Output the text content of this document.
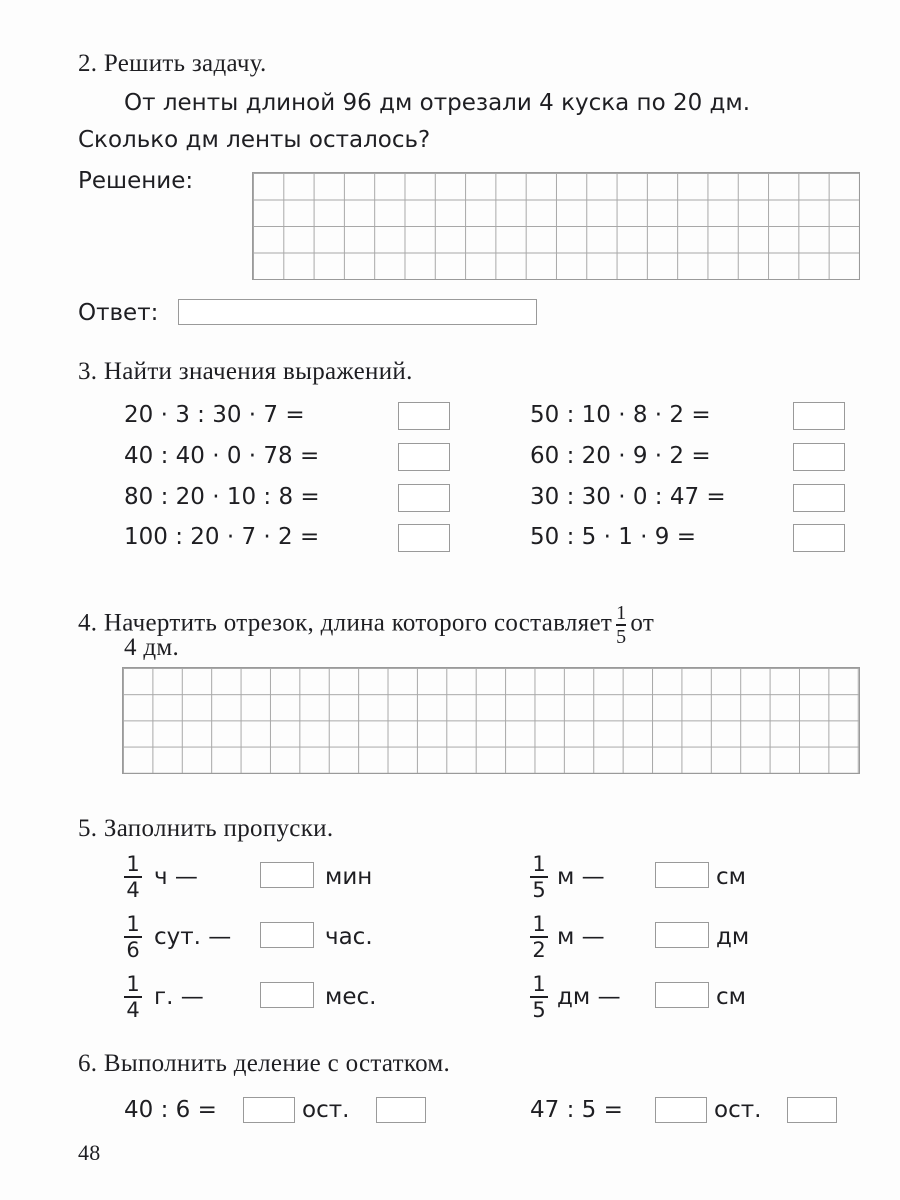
2. Решить задачу.
От ленты длиной 96 дм отрезали 4 куска по 20 дм.
Сколько дм ленты осталось?
Решение:
Ответ:
3. Найти значения выражений.
20 · 3 : 30 · 7 =
40 : 40 · 0 · 78 =
80 : 20 · 10 : 8 =
100 : 20 · 7 · 2 =
50 : 10 · 8 · 2 =
60 : 20 · 9 · 2 =
30 : 30 · 0 : 47 =
50 : 5 · 1 · 9 =
4. Начертить отрезок, длина которого составляет $\frac{1}{5}$ от
4 дм.
5. Заполнить пропуски.
$\frac{1}{4}$ ч —	мин
$\frac{1}{6}$ сут. —	час.
$\frac{1}{4} г$. —	мес.
$\frac{1}{5}$ м —	см
$\frac{1}{2}$ м —	дм
$\frac{1}{5}$ дм —	см
6. Выполнить деление с остатком.
40 : 6 =	ост.	47 : 5 =	ост.
48
